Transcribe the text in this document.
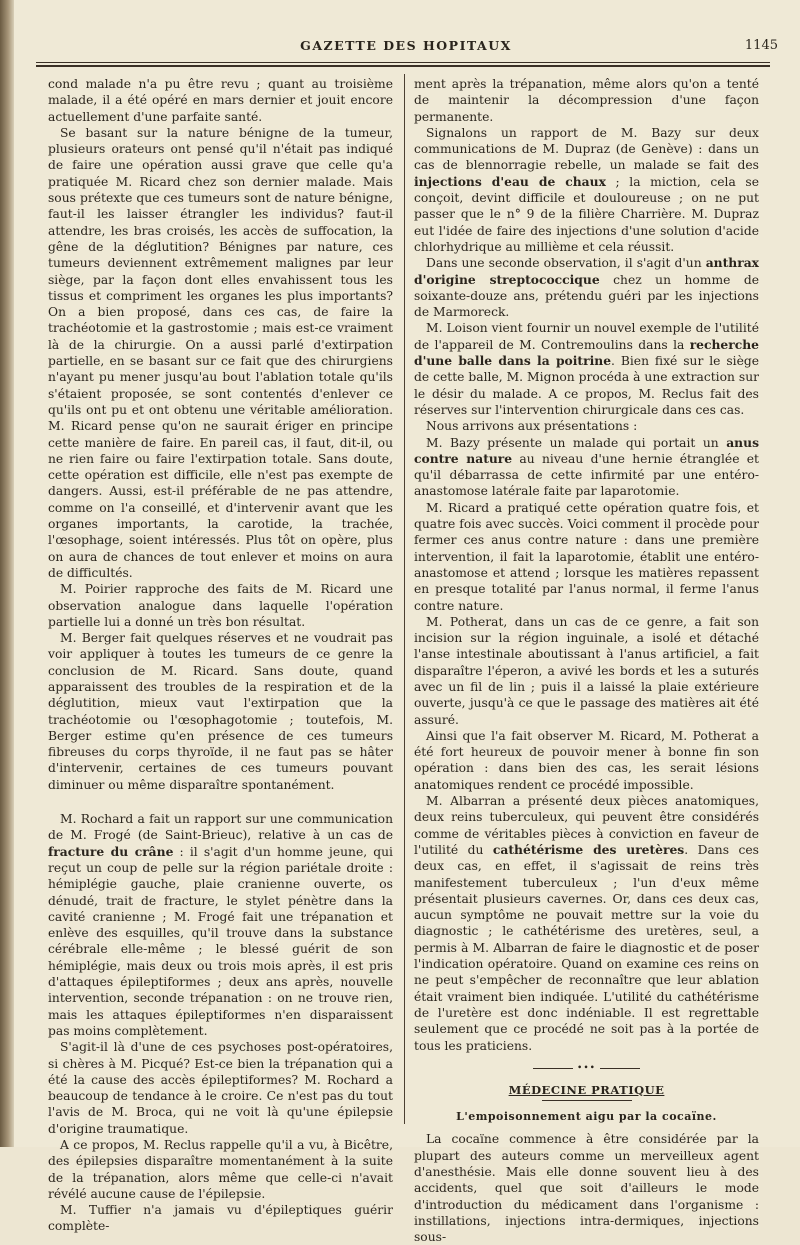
GAZETTE DES HOPITAUX	1145

cond malade n'a pu être revu ; quant au troisième malade, il a été opéré en mars dernier et jouit encore actuellement d'une parfaite santé.

Se basant sur la nature bénigne de la tumeur, plusieurs orateurs ont pensé qu'il n'était pas indiqué de faire une opération aussi grave que celle qu'a pratiquée M. Ricard chez son dernier malade. Mais sous prétexte que ces tumeurs sont de nature bénigne, faut-il les laisser étrangler les individus? faut-il attendre, les bras croisés, les accès de suffocation, la gêne de la déglutition? Bénignes par nature, ces tumeurs deviennent extrêmement malignes par leur siège, par la façon dont elles envahissent tous les tissus et compriment les organes les plus importants? On a bien proposé, dans ces cas, de faire la trachéotomie et la gastrostomie ; mais est-ce vraiment là de la chirurgie. On a aussi parlé d'extirpation partielle, en se basant sur ce fait que des chirurgiens n'ayant pu mener jusqu'au bout l'ablation totale qu'ils s'étaient proposée, se sont contentés d'enlever ce qu'ils ont pu et ont obtenu une véritable amélioration. M. Ricard pense qu'on ne saurait ériger en principe cette manière de faire. En pareil cas, il faut, dit-il, ou ne rien faire ou faire l'extirpation totale. Sans doute, cette opération est difficile, elle n'est pas exempte de dangers. Aussi, est-il préférable de ne pas attendre, comme on l'a conseillé, et d'intervenir avant que les organes importants, la carotide, la trachée, l'œsophage, soient intéressés. Plus tôt on opère, plus on aura de chances de tout enlever et moins on aura de difficultés.

M. Poirier rapproche des faits de M. Ricard une observation analogue dans laquelle l'opération partielle lui a donné un très bon résultat.

M. Berger fait quelques réserves et ne voudrait pas voir appliquer à toutes les tumeurs de ce genre la conclusion de M. Ricard. Sans doute, quand apparaissent des troubles de la respiration et de la déglutition, mieux vaut l'extirpation que la trachéotomie ou l'œsophagotomie ; toutefois, M. Berger estime qu'en présence de ces tumeurs fibreuses du corps thyroïde, il ne faut pas se hâter d'intervenir, certaines de ces tumeurs pouvant diminuer ou même disparaître spontanément.

M. Rochard a fait un rapport sur une communication de M. Frogé (de Saint-Brieuc), relative à un cas de fracture du crâne : il s'agit d'un homme jeune, qui reçut un coup de pelle sur la région pariétale droite : hémiplégie gauche, plaie cranienne ouverte, os dénudé, trait de fracture, le stylet pénètre dans la cavité cranienne ; M. Frogé fait une trépanation et enlève des esquilles, qu'il trouve dans la substance cérébrale elle-même ; le blessé guérit de son hémiplégie, mais deux ou trois mois après, il est pris d'attaques épileptiformes ; deux ans après, nouvelle intervention, seconde trépanation : on ne trouve rien, mais les attaques épileptiformes n'en disparaissent pas moins complètement.

S'agit-il là d'une de ces psychoses post-opératoires, si chères à M. Picqué? Est-ce bien la trépanation qui a été la cause des accès épileptiformes? M. Rochard a beaucoup de tendance à le croire. Ce n'est pas du tout l'avis de M. Broca, qui ne voit là qu'une épilepsie d'origine traumatique.

A ce propos, M. Reclus rappelle qu'il a vu, à Bicêtre, des épilepsies disparaître momentanément à la suite de la trépanation, alors même que celle-ci n'avait révélé aucune cause de l'épilepsie.

M. Tuffier n'a jamais vu d'épileptiques guérir complète-

ment après la trépanation, même alors qu'on a tenté de maintenir la décompression d'une façon permanente.

Signalons un rapport de M. Bazy sur deux communications de M. Dupraz (de Genève) : dans un cas de blennorragie rebelle, un malade se fait des injections d'eau de chaux ; la miction, cela se conçoit, devint difficile et douloureuse ; on ne put passer que le n° 9 de la filière Charrière. M. Dupraz eut l'idée de faire des injections d'une solution d'acide chlorhydrique au millième et cela réussit.

Dans une seconde observation, il s'agit d'un anthrax d'origine streptococcique chez un homme de soixante-douze ans, prétendu guéri par les injections de Marmoreck.

M. Loison vient fournir un nouvel exemple de l'utilité de l'appareil de M. Contremoulins dans la recherche d'une balle dans la poitrine. Bien fixé sur le siège de cette balle, M. Mignon procéda à une extraction sur le désir du malade. A ce propos, M. Reclus fait des réserves sur l'intervention chirurgicale dans ces cas.

Nous arrivons aux présentations :

M. Bazy présente un malade qui portait un anus contre nature au niveau d'une hernie étranglée et qu'il débarrassa de cette infirmité par une entéro-anastomose latérale faite par laparotomie.

M. Ricard a pratiqué cette opération quatre fois, et quatre fois avec succès. Voici comment il procède pour fermer ces anus contre nature : dans une première intervention, il fait la laparotomie, établit une entéro-anastomose et attend ; lorsque les matières repassent en presque totalité par l'anus normal, il ferme l'anus contre nature.

M. Potherat, dans un cas de ce genre, a fait son incision sur la région inguinale, a isolé et détaché l'anse intestinale aboutissant à l'anus artificiel, a fait disparaître l'éperon, a avivé les bords et les a suturés avec un fil de lin ; puis il a laissé la plaie extérieure ouverte, jusqu'à ce que le passage des matières ait été assuré.

Ainsi que l'a fait observer M. Ricard, M. Potherat a été fort heureux de pouvoir mener à bonne fin son opération : dans bien des cas, les serait lésions anatomiques rendent ce procédé impossible.

M. Albarran a présenté deux pièces anatomiques, deux reins tuberculeux, qui peuvent être considérés comme de véritables pièces à conviction en faveur de l'utilité du cathétérisme des uretères. Dans ces deux cas, en effet, il s'agissait de reins très manifestement tuberculeux ; l'un d'eux même présentait plusieurs cavernes. Or, dans ces deux cas, aucun symptôme ne pouvait mettre sur la voie du diagnostic ; le cathétérisme des uretères, seul, a permis à M. Albarran de faire le diagnostic et de poser l'indication opératoire. Quand on examine ces reins on ne peut s'empêcher de reconnaître que leur ablation était vraiment bien indiquée. L'utilité du cathétérisme de l'uretère est donc indéniable. Il est regrettable seulement que ce procédé ne soit pas à la portée de tous les praticiens.

•••
MÉDECINE PRATIQUE
L'empoisonnement aigu par la cocaïne.

La cocaïne commence à être considérée par la plupart des auteurs comme un merveilleux agent d'anesthésie. Mais elle donne souvent lieu à des accidents, quel que soit d'ailleurs le mode d'introduction du médicament dans l'organisme : instillations, injections intra-dermiques, injections sous-
